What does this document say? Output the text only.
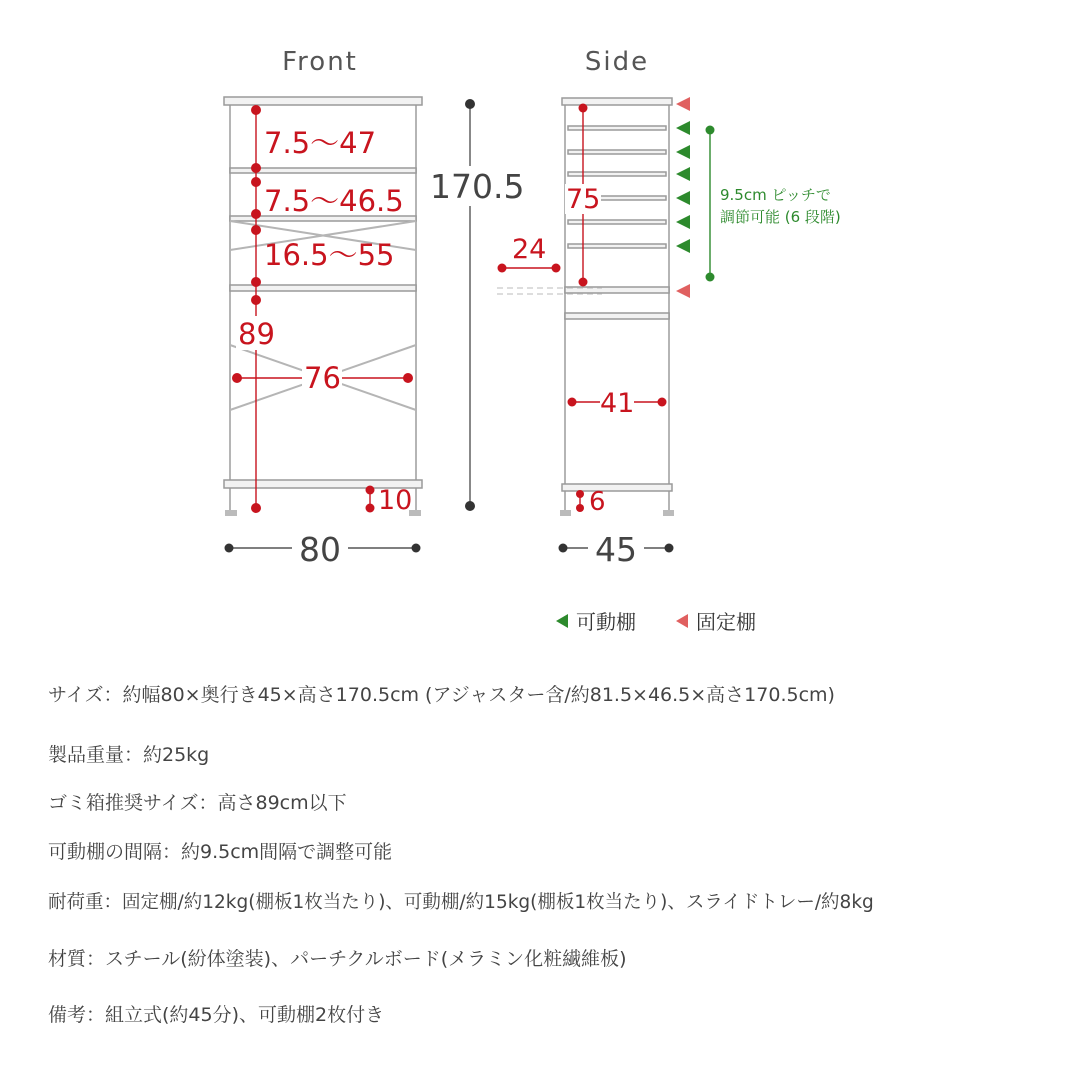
Front	Side
7.5～47
7.5～46.5
16.5～55
89
76
10
170.5
80
75
24
41
6
45
9.5cm ピッチで
調節可能 (6 段階)
可動棚	固定棚
サイズ：約幅80×奥行き45×高さ170.5cm (アジャスター含/約81.5×46.5×高さ170.5cm)
製品重量：約25kg
ゴミ箱推奨サイズ：高さ89cm以下
可動棚の間隔：約9.5cm間隔で調整可能
耐荷重：固定棚/約12kg(棚板1枚当たり)、可動棚/約15kg(棚板1枚当たり)、スライドトレー/約8kg
材質：スチール(紛体塗装)、パーチクルボード(メラミン化粧繊維板)
備考：組立式(約45分)、可動棚2枚付き
